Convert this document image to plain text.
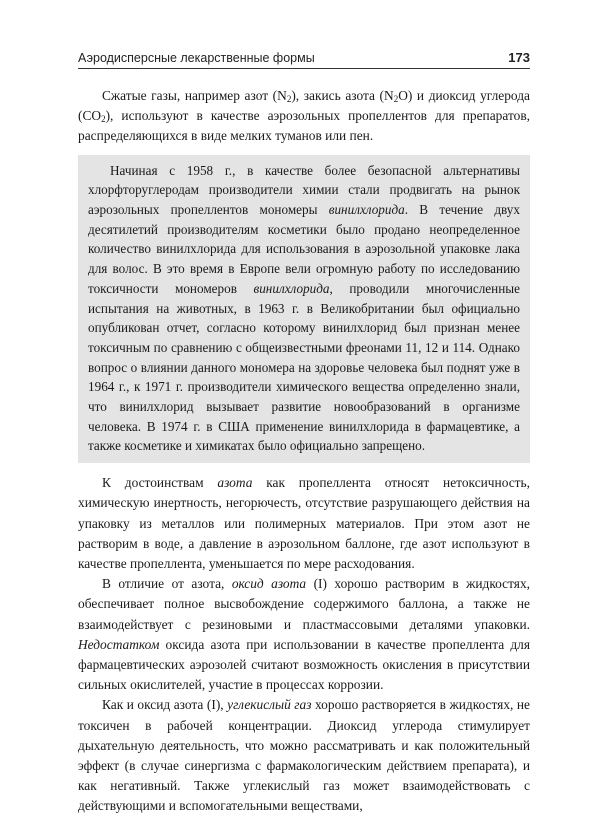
Аэродисперсные лекарственные формы	173

Сжатые газы, например азот $(N_2)$, закись азота $(N_2O)$ и диоксид углерода $(CO_2)$, используют в качестве аэрозольных пропеллентов для препаратов, распределяющихся в виде мелких туманов или пен.

Начиная с 1958 г., в качестве более безопасной альтернативы хлорфторуглеродам производители химии стали продвигать на рынок аэрозольных пропеллентов мономеры винилхлорида. В течение двух десятилетий производителям косметики было продано неопределенное количество винилхлорида для использования в аэрозольной упаковке лака для волос. В это время в Европе вели огромную работу по исследованию токсичности мономеров винилхлорида, проводили многочисленные испытания на животных, в 1963 г. в Великобритании был официально опубликован отчет, согласно которому винилхлорид был признан менее токсичным по сравнению с общеизвестными фреонами 11, 12 и 114. Однако вопрос о влиянии данного мономера на здоровье человека был поднят уже в 1964 г., к 1971 г. производители химического вещества определенно знали, что винилхлорид вызывает развитие новообразований в организме человека. В 1974 г. в США применение винилхлорида в фармацевтике, а также косметике и химикатах было официально запрещено.

К достоинствам азота как пропеллента относят нетоксичность, химическую инертность, негорючесть, отсутствие разрушающего действия на упаковку из металлов или полимерных материалов. При этом азот не растворим в воде, а давление в аэрозольном баллоне, где азот используют в качестве пропеллента, уменьшается по мере расходования.

В отличие от азота, оксид азота (I) хорошо растворим в жидкостях, обеспечивает полное высвобождение содержимого баллона, а также не взаимодействует с резиновыми и пластмассовыми деталями упаковки. Недостатком оксида азота при использовании в качестве пропеллента для фармацевтических аэрозолей считают возможность окисления в присутствии сильных окислителей, участие в процессах коррозии.

Как и оксид азота (I), углекислый газ хорошо растворяется в жидкостях, не токсичен в рабочей концентрации. Диоксид углерода стимулирует дыхательную деятельность, что можно рассматривать и как положительный эффект (в случае синергизма с фармакологическим действием препарата), и как негативный. Также углекислый газ может взаимодействовать с действующими и вспомогательными веществами,
